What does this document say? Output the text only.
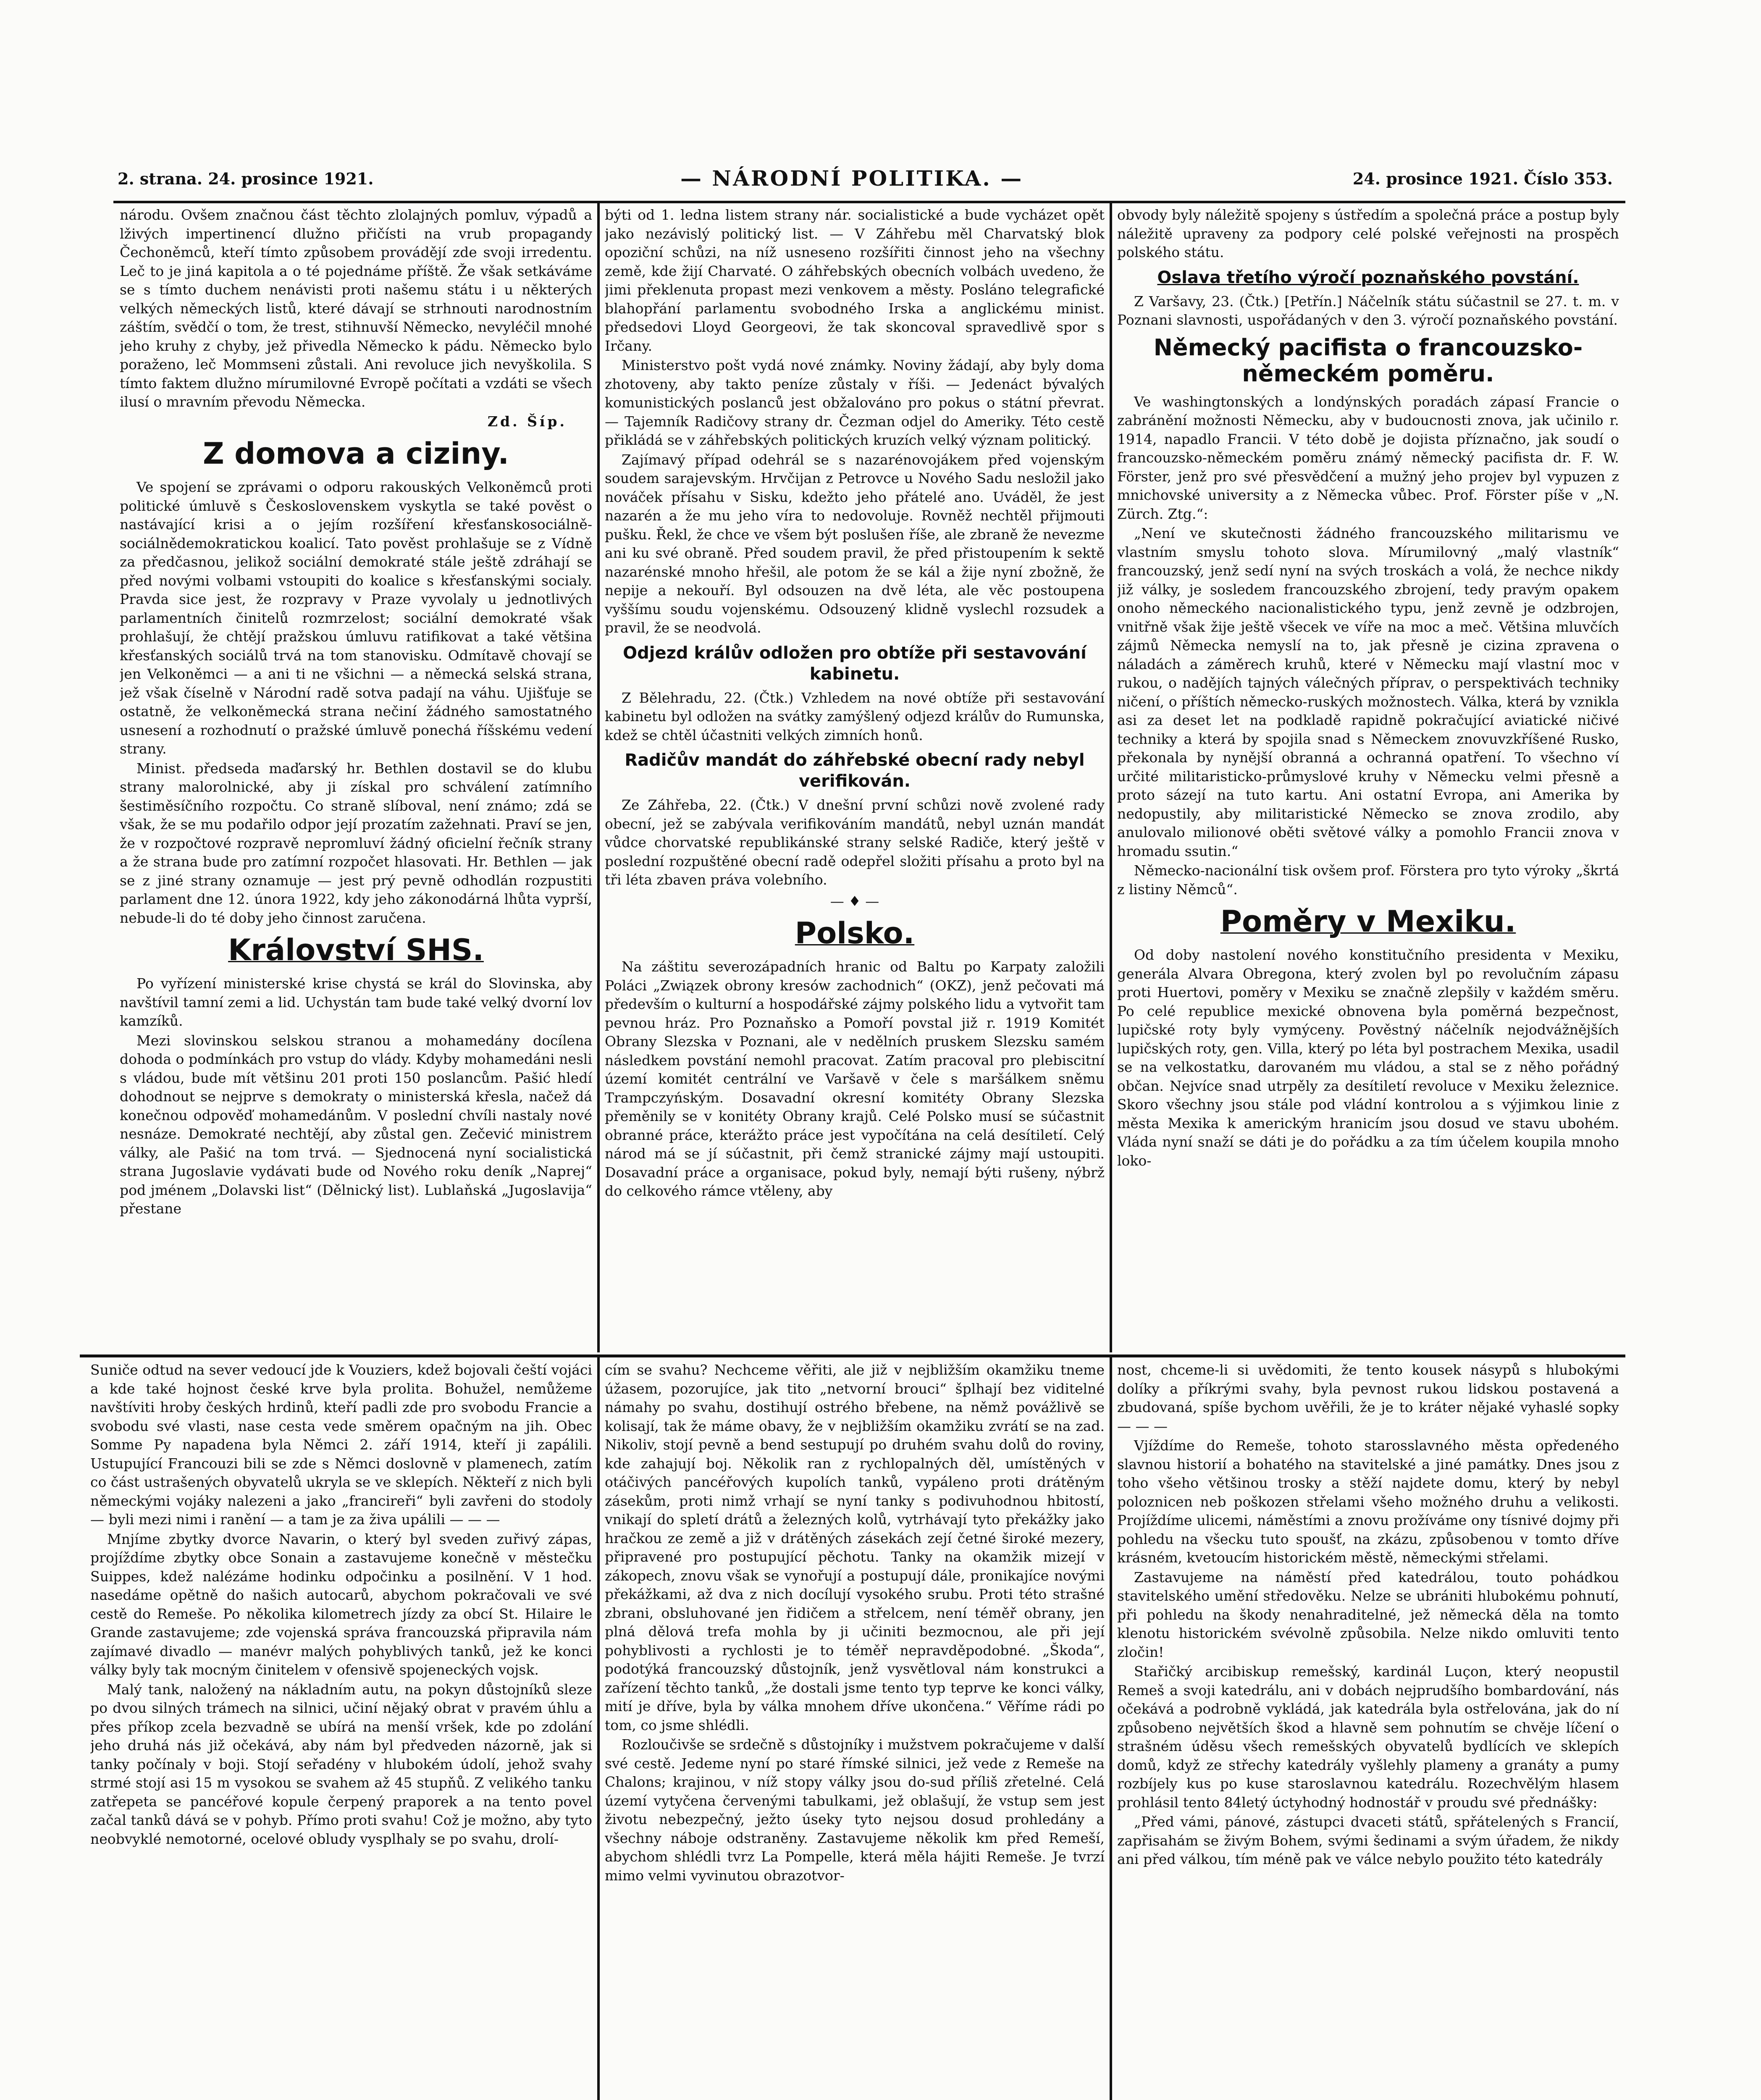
2. strana. 24. prosince 1921.	— NÁRODNÍ POLITIKA. —	24. prosince 1921. Číslo 353.

národu. Ovšem značnou část těchto zlolajných pomluv, výpadů a lživých impertinencí dlužno přičísti na vrub propagandy Čechoněmců, kteří tímto způsobem provádějí zde svoji irredentu. Leč to je jiná kapitola a o té pojednáme příště. Že však setkáváme se s tímto duchem nenávisti proti našemu státu i u některých velkých německých listů, které dávají se strhnouti narodnostním záštím, svědčí o tom, že trest, stihnuvší Německo, nevyléčil mnohé jeho kruhy z chyby, jež přivedla Německo k pádu. Německo bylo poraženo, leč Mommseni zůstali. Ani revoluce jich nevyškolila. S tímto faktem dlužno mírumilovné Evropě počítati a vzdáti se všech ilusí o mravním převodu Německa.

Zd. Šíp.

Z domova a ciziny.

Ve spojení se zprávami o odporu rakouských Velkoněmců proti politické úmluvě s Československem vyskytla se také pověst o nastávající krisi a o jejím rozšíření křesťanskosociálně-sociálnědemokratickou koalicí. Tato pověst prohlašuje se z Vídně za předčasnou, jelikož sociální demokraté stále ještě zdráhají se před novými volbami vstoupiti do koalice s křesťanskými socialy. Pravda sice jest, že rozpravy v Praze vyvolaly u jednotlivých parlamentních činitelů rozmrzelost; sociální demokraté však prohlašují, že chtějí pražskou úmluvu ratifikovat a také většina křesťanských sociálů trvá na tom stanovisku. Odmítavě chovají se jen Velkoněmci — a ani ti ne všichni — a německá selská strana, jež však číselně v Národní radě sotva padají na váhu. Ujišťuje se ostatně, že velkoněmecká strana nečiní žádného samostatného usnesení a rozhodnutí o pražské úmluvě ponechá říšskému vedení strany.

Minist. předseda maďarský hr. Bethlen dostavil se do klubu strany malorolnické, aby ji získal pro schválení zatímního šestiměsíčního rozpočtu. Co straně slíboval, není známo; zdá se však, že se mu podařilo odpor její prozatím zažehnati. Praví se jen, že v rozpočtové rozpravě nepromluví žádný oficielní řečník strany a že strana bude pro zatímní rozpočet hlasovati. Hr. Bethlen — jak se z jiné strany oznamuje — jest prý pevně odhodlán rozpustiti parlament dne 12. února 1922, kdy jeho zákonodárná lhůta vyprší, nebude-li do té doby jeho činnost zaručena.

Království SHS.

Po vyřízení ministerské krise chystá se král do Slovinska, aby navštívil tamní zemi a lid. Uchystán tam bude také velký dvorní lov kamzíků.

Mezi slovinskou selskou stranou a mohamedány docílena dohoda o podmínkách pro vstup do vlády. Kdyby mohamedáni nesli s vládou, bude mít většinu 201 proti 150 poslancům. Pašić hledí dohodnout se nejprve s demokraty o ministerská křesla, načež dá konečnou odpověď mohamedánům. V poslední chvíli nastaly nové nesnáze. Demokraté nechtějí, aby zůstal gen. Zečević ministrem války, ale Pašić na tom trvá. — Sjednocená nyní socialistická strana Jugoslavie vydávati bude od Nového roku deník „Naprej“ pod jménem „Dolavski list“ (Dělnický list). Lublaňská „Jugoslavija“ přestane

býti od 1. ledna listem strany nár. socialistické a bude vycházet opět jako nezávislý politický list. — V Záhřebu měl Charvatský blok opoziční schůzi, na níž usneseno rozšířiti činnost jeho na všechny země, kde žijí Charvaté. O záhřebských obecních volbách uvedeno, že jimi překlenuta propast mezi venkovem a městy. Posláno telegrafické blahopřání parlamentu svobodného Irska a anglickému minist. předsedovi Lloyd Georgeovi, že tak skoncoval spravedlivě spor s Irčany.

Ministerstvo pošt vydá nové známky. Noviny žádají, aby byly doma zhotoveny, aby takto peníze zůstaly v říši. — Jedenáct bývalých komunistických poslanců jest obžalováno pro pokus o státní převrat. — Tajemník Radičovy strany dr. Čezman odjel do Ameriky. Této cestě přikládá se v záhřebských politických kruzích velký význam politický.

Zajímavý případ odehrál se s nazarénovojákem před vojenským soudem sarajevským. Hrvčijan z Petrovce u Nového Sadu nesložil jako nováček přísahu v Sisku, kdežto jeho přátelé ano. Uváděl, že jest nazarén a že mu jeho víra to nedovoluje. Rovněž nechtěl přijmouti pušku. Řekl, že chce ve všem být poslušen říše, ale zbraně že nevezme ani ku své obraně. Před soudem pravil, že před přistoupením k sektě nazarénské mnoho hřešil, ale potom že se kál a žije nyní zbožně, že nepije a nekouří. Byl odsouzen na dvě léta, ale věc postoupena vyššímu soudu vojenskému. Odsouzený klidně vyslechl rozsudek a pravil, že se neodvolá.

Odjezd králův odložen pro obtíže při sestavování kabinetu.

Z Bělehradu, 22. (Čtk.) Vzhledem na nové obtíže při sestavování kabinetu byl odložen na svátky zamýšlený odjezd králův do Rumunska, kdež se chtěl účastniti velkých zimních honů.

Radičův mandát do záhřebské obecní rady nebyl verifikován.

Ze Záhřeba, 22. (Čtk.) V dnešní první schůzi nově zvolené rady obecní, jež se zabývala verifikováním mandátů, nebyl uznán mandát vůdce chorvatské republikánské strany selské Radiče, který ještě v poslední rozpuštěné obecní radě odepřel složiti přísahu a proto byl na tři léta zbaven práva volebního.

— ♦ —
Polsko.

Na záštitu severozápadních hranic od Baltu po Karpaty založili Poláci „Związek obrony kresów zachodnich“ (OKZ), jenž pečovati má především o kulturní a hospodářské zájmy polského lidu a vytvořit tam pevnou hráz. Pro Poznaňsko a Pomoří povstal již r. 1919 Komitét Obrany Slezska v Poznani, ale v nedělních pruskem Slezsku samém následkem povstání nemohl pracovat. Zatím pracoval pro plebiscitní území komitét centrální ve Varšavě v čele s maršálkem sněmu Trampczyńským. Dosavadní okresní komitéty Obrany Slezska přeměnily se v konitéty Obrany krajů. Celé Polsko musí se súčastnit obranné práce, kterážto práce jest vypočítána na celá desítiletí. Celý národ má se jí súčastnit, při čemž stranické zájmy mají ustoupiti. Dosavadní práce a organisace, pokud byly, nemají býti rušeny, nýbrž do celkového rámce vtěleny, aby

obvody byly náležitě spojeny s ústředím a společná práce a postup byly náležitě upraveny za podpory celé polské veřejnosti na prospěch polského státu.

Oslava třetího výročí poznaňského povstání.

Z Varšavy, 23. (Čtk.) [Petřín.] Náčelník státu súčastnil se 27. t. m. v Poznani slavnosti, uspořádaných v den 3. výročí poznaňského povstání.

Německý pacifista o francouzsko-německém poměru.

Ve washingtonských a londýnských poradách zápasí Francie o zabránění možnosti Německu, aby v budoucnosti znova, jak učinilo r. 1914, napadlo Francii. V této době je dojista příznačno, jak soudí o francouzsko-německém poměru známý německý pacifista dr. F. W. Förster, jenž pro své přesvědčení a mužný jeho projev byl vypuzen z mnichovské university a z Německa vůbec. Prof. Förster píše v „N. Zürch. Ztg.“:

„Není ve skutečnosti žádného francouzského militarismu ve vlastním smyslu tohoto slova. Mírumilovný „malý vlastník“ francouzský, jenž sedí nyní na svých troskách a volá, že nechce nikdy již války, je sosledem francouzského zbrojení, tedy pravým opakem onoho německého nacionalistického typu, jenž zevně je odzbrojen, vnitřně však žije ještě všecek ve víře na moc a meč. Většina mluvčích zájmů Německa nemyslí na to, jak přesně je cizina zpravena o náladách a záměrech kruhů, které v Německu mají vlastní moc v rukou, o nadějích tajných válečných příprav, o perspektivách techniky ničení, o příštích německo-ruských možnostech. Válka, která by vznikla asi za deset let na podkladě rapidně pokračující aviatické ničivé techniky a která by spojila snad s Německem znovuvzkříšené Rusko, překonala by nynější obranná a ochranná opatření. To všechno ví určité militaristicko-průmyslové kruhy v Německu velmi přesně a proto sázejí na tuto kartu. Ani ostatní Evropa, ani Amerika by nedopustily, aby militaristické Německo se znova zrodilo, aby anulovalo milionové oběti světové války a pomohlo Francii znova v hromadu ssutin.“

Německo-nacionální tisk ovšem prof. Förstera pro tyto výroky „škrtá z listiny Němců“.

Poměry v Mexiku.

Od doby nastolení nového konstitučního presidenta v Mexiku, generála Alvara Obregona, který zvolen byl po revolučním zápasu proti Huertovi, poměry v Mexiku se značně zlepšily v každém směru. Po celé republice mexické obnovena byla poměrná bezpečnost, lupičské roty byly vymýceny. Pověstný náčelník nejodvážnějších lupičských roty, gen. Villa, který po léta byl postrachem Mexika, usadil se na velkostatku, darovaném mu vládou, a stal se z něho pořádný občan. Nejvíce snad utrpěly za desítiletí revoluce v Mexiku železnice. Skoro všechny jsou stále pod vládní kontrolou a s výjimkou linie z města Mexika k americkým hranicím jsou dosud ve stavu ubohém. Vláda nyní snaží se dáti je do pořádku a za tím účelem koupila mnoho loko-

Suniče odtud na sever vedoucí jde k Vouziers, kdež bojovali čeští vojáci a kde také hojnost české krve byla prolita. Bohužel, nemůžeme navštíviti hroby českých hrdinů, kteří padli zde pro svobodu Francie a svobodu své vlasti, nase cesta vede směrem opačným na jih. Obec Somme Py napadena byla Němci 2. září 1914, kteří ji zapálili. Ustupující Francouzi bili se zde s Němci doslovně v plamenech, zatím co část ustrašených obyvatelů ukryla se ve sklepích. Někteří z nich byli německými vojáky nalezeni a jako „francireři“ byli zavřeni do stodoly — byli mezi nimi i ranění — a tam je za živa upálili — — —

Mnjíme zbytky dvorce Navarin, o který byl sveden zuřivý zápas, projíždíme zbytky obce Sonain a zastavujeme konečně v městečku Suippes, kdež nalézáme hodinku odpočinku a posilnění. V 1 hod. nasedáme opětně do našich autocarů, abychom pokračovali ve své cestě do Remeše. Po několika kilometrech jízdy za obcí St. Hilaire le Grande zastavujeme; zde vojenská správa francouzská připravila nám zajímavé divadlo — manévr malých pohyblivých tanků, jež ke konci války byly tak mocným činitelem v ofensivě spojeneckých vojsk.

Malý tank, naložený na nákladním autu, na pokyn důstojníků sleze po dvou silných trámech na silnici, učiní nějaký obrat v pravém úhlu a přes příkop zcela bezvadně se ubírá na menší vršek, kde po zdolání jeho druhá nás již očekává, aby nám byl předveden názorně, jak si tanky počínaly v boji. Stojí seřadény v hlubokém údolí, jehož svahy strmé stojí asi 15 m vysokou se svahem až 45 stupňů. Z velikého tanku zatřepeta se pancéřové kopule čerpený praporek a na tento povel začal tanků dává se v pohyb. Přímo proti svahu! Což je možno, aby tyto neobvyklé nemotorné, ocelové obludy vysplhaly se po svahu, drolí-

cím se svahu? Nechceme věřiti, ale již v nejbližším okamžiku tneme úžasem, pozorujíce, jak tito „netvorní brouci“ šplhají bez viditelné námahy po svahu, dostihují ostrého břebene, na němž povážlivě se kolisají, tak že máme obavy, že v nejbližším okamžiku zvrátí se na zad. Nikoliv, stojí pevně a bend sestupují po druhém svahu dolů do roviny, kde zahajují boj. Několik ran z rychlopalných děl, umístěných v otáčivých pancéřových kupolích tanků, vypáleno proti drátěným zásekům, proti nimž vrhají se nyní tanky s podivuhodnou hbitostí, vnikají do spletí drátů a železných kolů, vytrhávají tyto překážky jako hračkou ze země a již v drátěných zásekách zejí četné široké mezery, připravené pro postupující pěchotu. Tanky na okamžik mizejí v zákopech, znovu však se vynořují a postupují dále, pronikajíce novými překážkami, až dva z nich docílují vysokého srubu. Proti této strašné zbrani, obsluhované jen řidičem a střelcem, není téměř obrany, jen plná dělová trefa mohla by ji učiniti bezmocnou, ale při její pohyblivosti a rychlosti je to téměř nepravděpodobné. „Škoda“, podotýká francouzský důstojník, jenž vysvětloval nám konstrukci a zařízení těchto tanků, „že dostali jsme tento typ teprve ke konci války, mití je dříve, byla by válka mnohem dříve ukončena.“ Věříme rádi po tom, co jsme shlédli.

Rozloučivše se srdečně s důstojníky i mužstvem pokračujeme v další své cestě. Jedeme nyní po staré římské silnici, jež vede z Remeše na Chalons; krajinou, v níž stopy války jsou do-sud příliš zřetelné. Celá území vytyčena červenými tabulkami, jež oblašují, že vstup sem jest životu nebezpečný, ježto úseky tyto nejsou dosud prohledány a všechny náboje odstraněny. Zastavujeme několik km před Remeší, abychom shlédli tvrz La Pompelle, která měla hájiti Remeše. Je tvrzí mimo velmi vyvinutou obrazotvor-

nost, chceme-li si uvědomiti, že tento kousek násypů s hlubokými dolíky a příkrými svahy, byla pevnost rukou lidskou postavená a zbudovaná, spíše bychom uvěřili, že je to kráter nějaké vyhaslé sopky — — —

Vjíždíme do Remeše, tohoto starosslavného města opředeného slavnou historií a bohatého na stavitelské a jiné památky. Dnes jsou z toho všeho většinou trosky a stěží najdete domu, který by nebyl poloznicen neb poškozen střelami všeho možného druhu a velikosti. Projíždíme ulicemi, náměstími a znovu prožíváme ony tísnivé dojmy při pohledu na všecku tuto spoušť, na zkázu, způsobenou v tomto dříve krásném, kvetoucím historickém městě, německými střelami.

Zastavujeme na náměstí před katedrálou, touto pohádkou stavitelského umění středověku. Nelze se ubrániti hlubokému pohnutí, při pohledu na škody nenahraditelné, jež německá děla na tomto klenotu historickém svévolně způsobila. Nelze nikdo omluviti tento zločin!

Stařičký arcibiskup remešský, kardinál Luçon, který neopustil Remeš a svoji katedrálu, ani v dobách nejprudšího bombardování, nás očekává a podrobně vykládá, jak katedrála byla ostřelována, jak do ní způsobeno největších škod a hlavně sem pohnutím se chvěje líčení o strašném úděsu všech remešských obyvatelů bydlících ve sklepích domů, když ze střechy katedrály vyšlehly plameny a granáty a pumy rozbíjely kus po kuse staroslavnou katedrálu. Rozechvělým hlasem prohlásil tento 84letý úctyhodný hodnostář v proudu své přednášky:

„Před vámi, pánové, zástupci dvaceti států, spřátelených s Francií, zapřisahám se živým Bohem, svými šedinami a svým úřadem, že nikdy ani před válkou, tím méně pak ve válce nebylo použito této katedrály
